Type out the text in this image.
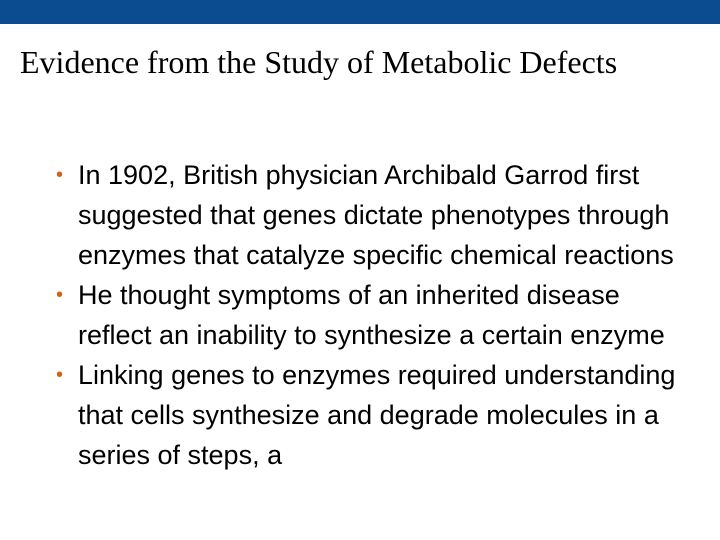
Evidence from the Study of Metabolic Defects
• In 1902, British physician Archibald Garrod first suggested that genes dictate phenotypes through enzymes that catalyze specific chemical reactions
• He thought symptoms of an inherited disease reflect an inability to synthesize a certain enzyme
• Linking genes to enzymes required understanding that cells synthesize and degrade molecules in a series of steps, a
